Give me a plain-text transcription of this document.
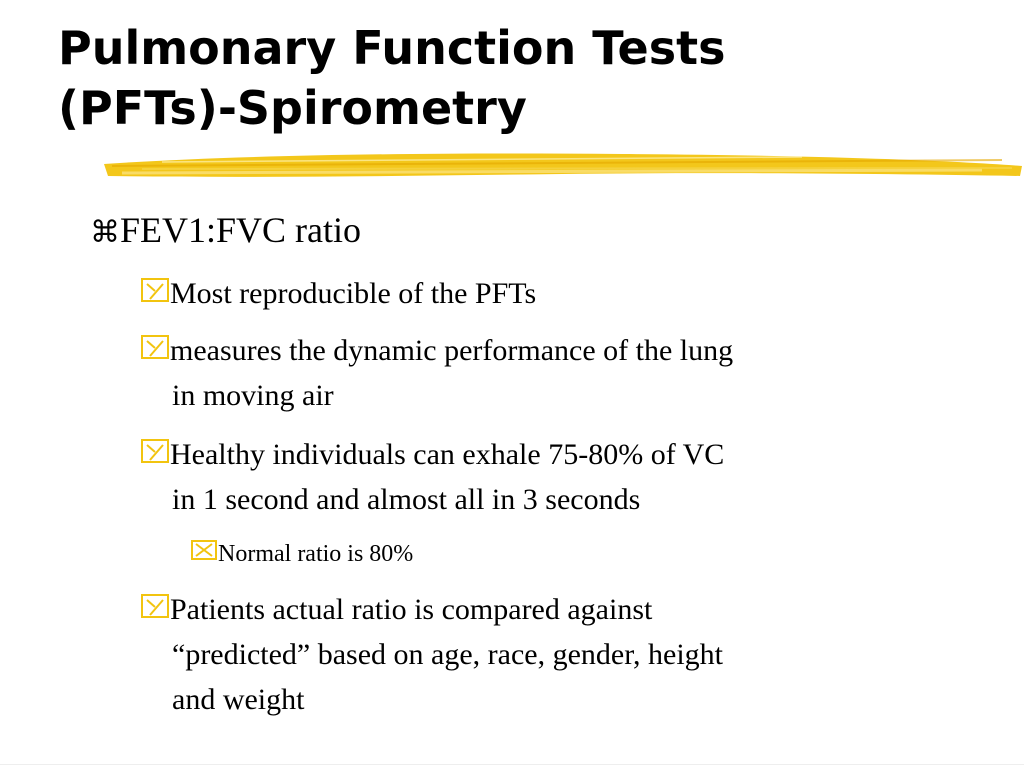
Pulmonary Function Tests
(PFTs)-Spirometry

⌘FEV1:FVC ratio

Most reproducible of the PFTs

measures the dynamic performance of the lung
in moving air

Healthy individuals can exhale 75-80% of VC
in 1 second and almost all in 3 seconds

Normal ratio is 80%

Patients actual ratio is compared against
“predicted” based on age, race, gender, height
and weight
